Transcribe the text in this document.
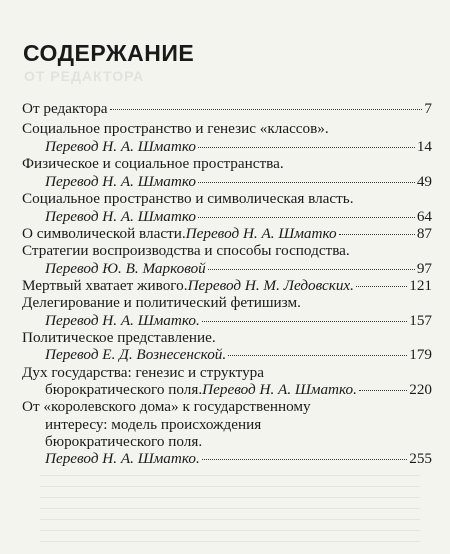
СОДЕРЖАНИЕ
ОТ РЕДАКТОРА
От редактора	7
Социальное пространство и генезис «классов».
Перевод Н. А. Шматко	14
Физическое и социальное пространства.
Перевод Н. А. Шматко	49
Социальное пространство и символическая власть.
Перевод Н. А. Шматко	64
О символической власти. Перевод Н. А. Шматко	87
Стратегии воспроизводства и способы господства.
Перевод Ю. В. Марковой	97
Мертвый хватает живого. Перевод Н. М. Ледовских.	121
Делегирование и политический фетишизм.
Перевод Н. А. Шматко.	157
Политическое представление.
Перевод Е. Д. Вознесенской.	179
Дух государства: генезис и структура
бюрократического поля. Перевод Н. А. Шматко.	220
От «королевского дома» к государственному
интересу: модель происхождения
бюрократического поля.
Перевод Н. А. Шматко.	255
